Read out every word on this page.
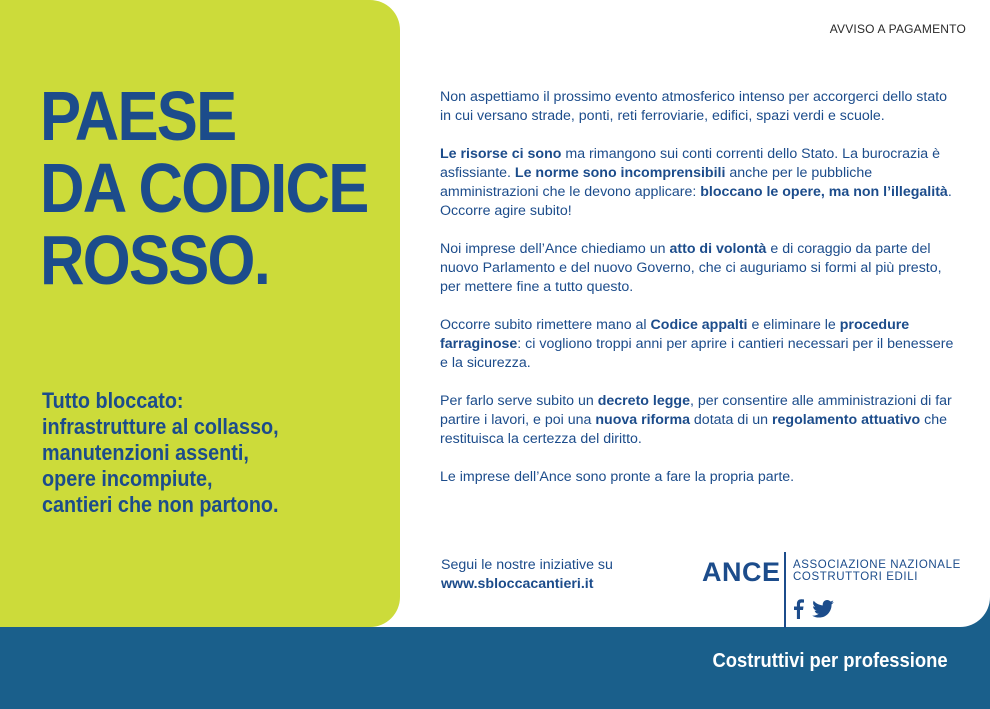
PAESE
DA CODICE
ROSSO.
Tutto bloccato:
infrastrutture al collasso,
manutenzioni assenti,
opere incompiute,
cantieri che non partono.
AVVISO A PAGAMENTO

Non aspettiamo il prossimo evento atmosferico intenso per accorgerci dello stato in cui versano strade, ponti, reti ferroviarie, edifici, spazi verdi e scuole.

Le risorse ci sono ma rimangono sui conti correnti dello Stato. La burocrazia è asfissiante. Le norme sono incomprensibili anche per le pubbliche amministrazioni che le devono applicare: bloccano le opere, ma non l’illegalità. Occorre agire subito!

Noi imprese dell’Ance chiediamo un atto di volontà e di coraggio da parte del nuovo Parlamento e del nuovo Governo, che ci auguriamo si formi al più presto, per mettere fine a tutto questo.

Occorre subito rimettere mano al Codice appalti e eliminare le procedure farraginose: ci vogliono troppi anni per aprire i cantieri necessari per il benessere e la sicurezza.

Per farlo serve subito un decreto legge, per consentire alle amministrazioni di far partire i lavori, e poi una nuova riforma dotata di un regolamento attuativo che restituisca la certezza del diritto.

Le imprese dell’Ance sono pronte a fare la propria parte.

Segui le nostre iniziative su
www.sbloccacantieri.it	ANCE ASSOCIAZIONE NAZIONALE
COSTRUTTORI EDILI
Costruttivi per professione
